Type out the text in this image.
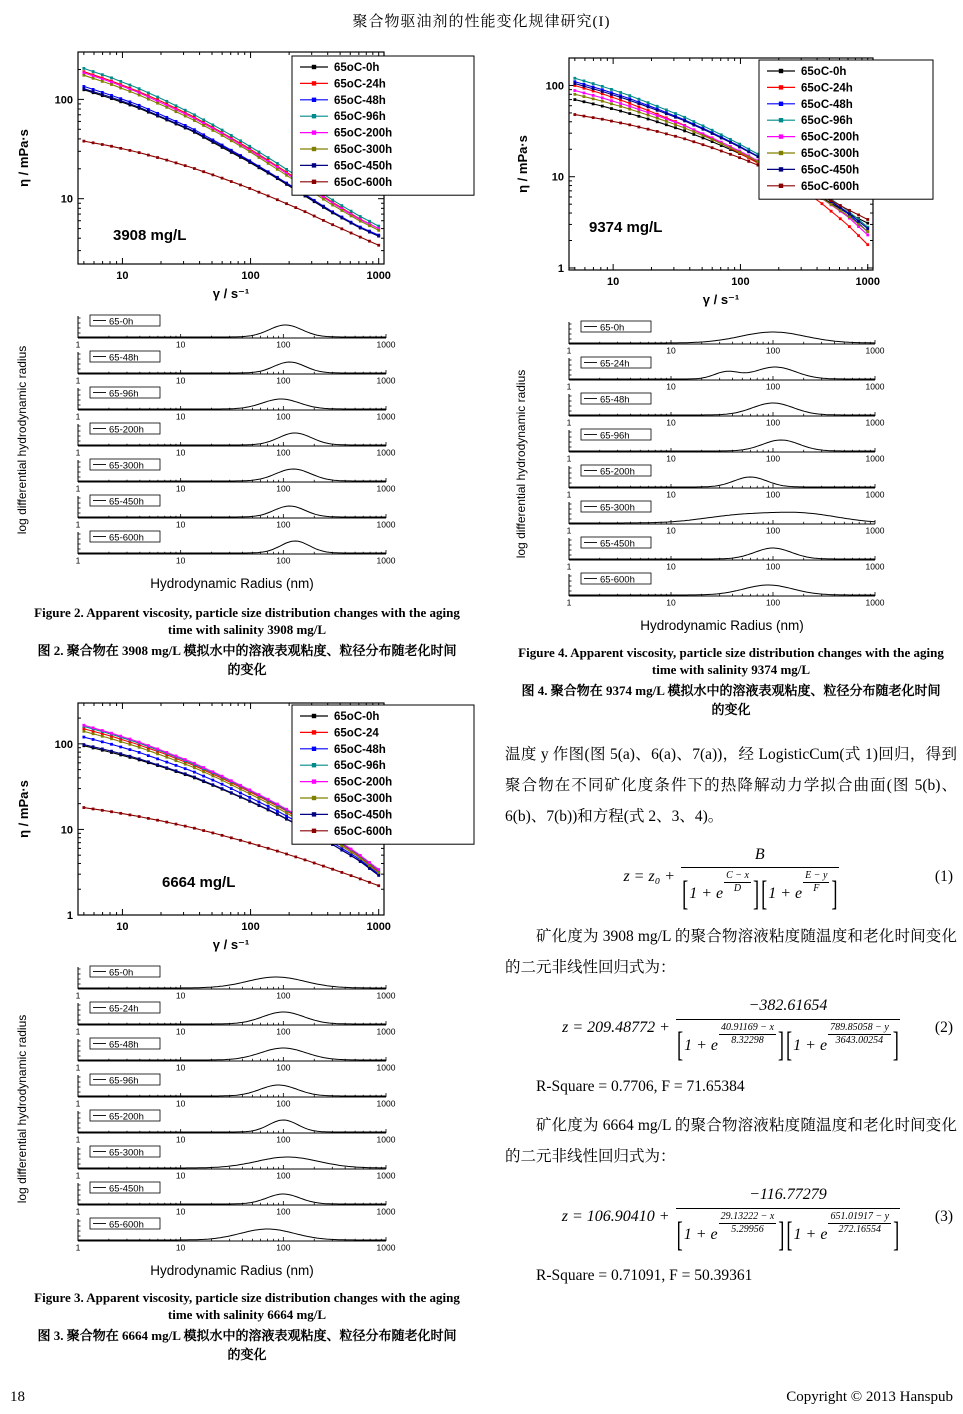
聚合物驱油剂的性能变化规律研究(I)
10	100	1000
10
100
65oC-0h
65oC-24h
65oC-48h
65oC-96h
65oC-200h
65oC-300h
65oC-450h
65oC-600h
3908 mg/L
η / mPa·s
γ / s⁻¹
1	10	100	1000
65-0h
1	10	100	1000
65-48h
1	10	100	1000
65-96h
1	10	100	1000
65-200h
1	10	100	1000
65-300h
1	10	100	1000
65-450h
1	10	100	1000
65-600h
Hydrodynamic Radius (nm)
log differential hydrodynamic radius
Figure 2. Apparent viscosity, particle size distribution changes with the aging time with salinity 3908 mg/L
图 2. 聚合物在 3908 mg/L 模拟水中的溶液表观粘度、粒径分布随老化时间的变化
10	100	1000
1
10
100
65oC-0h
65oC-24
65oC-48h
65oC-96h
65oC-200h
65oC-300h
65oC-450h
65oC-600h
6664 mg/L
η / mPa·s
γ / s⁻¹
1	10	100	1000
65-0h
1	10	100	1000
65-24h
1	10	100	1000
65-48h
1	10	100	1000
65-96h
1	10	100	1000
65-200h
1	10	100	1000
65-300h
1	10	100	1000
65-450h
1	10	100	1000
65-600h
Hydrodynamic Radius (nm)
log differential hydrodynamic radius
Figure 3. Apparent viscosity, particle size distribution changes with the aging time with salinity 6664 mg/L
图 3. 聚合物在 6664 mg/L 模拟水中的溶液表观粘度、粒径分布随老化时间的变化
10	100	1000
1
10
100
65oC-0h
65oC-24h
65oC-48h
65oC-96h
65oC-200h
65oC-300h
65oC-450h
65oC-600h
9374 mg/L
η / mPa·s
γ / s⁻¹
1	10	100	1000
65-0h
1	10	100	1000
65-24h
1	10	100	1000
65-48h
1	10	100	1000
65-96h
1	10	100	1000
65-200h
1	10	100	1000
65-300h
1	10	100	1000
65-450h
1	10	100	1000
65-600h
Hydrodynamic Radius (nm)
log differential hydrodynamic radius
Figure 4. Apparent viscosity, particle size distribution changes with the aging time with salinity 9374 mg/L
图 4. 聚合物在 9374 mg/L 模拟水中的溶液表观粘度、粒径分布随老化时间的变化

温度 y 作图(图 5(a)、6(a)、7(a))，经 LogisticCum(式 1)回归，得到聚合物在不同矿化度条件下的热降解动力学拟合曲面(图 5(b)、6(b)、7(b))和方程(式 2、3、4)。

$z = z_0 + \frac{B}{[1 + e \frac{C - x}{D} ] [1 + e \frac{E - y}{F} ]}$	(1)

矿化度为 3908 mg/L 的聚合物溶液粘度随温度和老化时间变化的二元非线性回归式为：

$z = 209.48772 + \frac{-382.61654}{[1 + e \frac{40.91169 - x}{8.32298} ] [1 + e \frac{789.85058 - y}{3643.00254} ]} (2)$

R-Square = 0.7706, F = 71.65384

矿化度为 6664 mg/L 的聚合物溶液粘度随温度和老化时间变化的二元非线性回归式为：

$z = 106.90410 + \frac{-116.77279}{[1 + e \frac{29.13222 - x}{5.29956} ] [1 + e \frac{651.01917 - y}{272.16554} ]} (3)$

R-Square = 0.71091, F = 50.39361

18	Copyright © 2013 Hanspub
